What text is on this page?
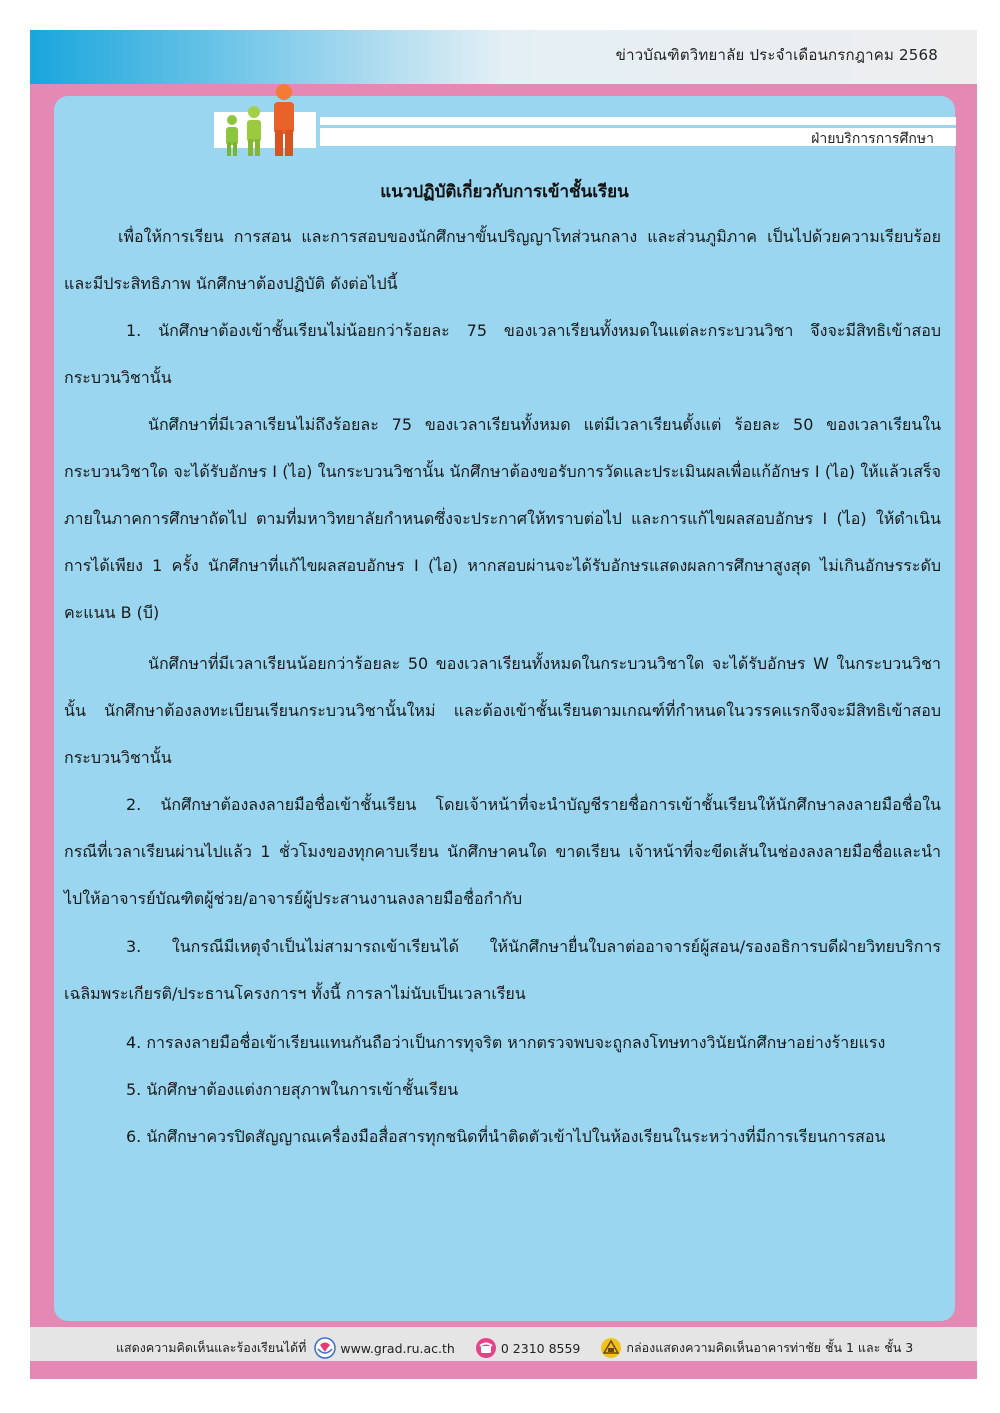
ข่าวบัณฑิตวิทยาลัย ประจำเดือนกรกฎาคม 2568
ฝ่ายบริการการศึกษา
แนวปฏิบัติเกี่ยวกับการเข้าชั้นเรียน

เพื่อให้การเรียน การสอน และการสอบของนักศึกษาขั้นปริญญาโทส่วนกลาง และส่วนภูมิภาค เป็นไปด้วยความเรียบร้อยและมีประสิทธิภาพ นักศึกษาต้องปฏิบัติ ดังต่อไปนี้

1. นักศึกษาต้องเข้าชั้นเรียนไม่น้อยกว่าร้อยละ 75 ของเวลาเรียนทั้งหมดในแต่ละกระบวนวิชา จึงจะมีสิทธิเข้าสอบกระบวนวิชานั้น

นักศึกษาที่มีเวลาเรียนไม่ถึงร้อยละ 75 ของเวลาเรียนทั้งหมด แต่มีเวลาเรียนตั้งแต่ ร้อยละ 50 ของเวลาเรียนในกระบวนวิชาใด จะได้รับอักษร I (ไอ) ในกระบวนวิชานั้น นักศึกษาต้องขอรับการวัดและประเมินผลเพื่อแก้อักษร I (ไอ) ให้แล้วเสร็จภายในภาคการศึกษาถัดไป ตามที่มหาวิทยาลัยกำหนดซึ่งจะประกาศให้ทราบต่อไป และการแก้ไขผลสอบอักษร I (ไอ) ให้ดำเนินการได้เพียง 1 ครั้ง นักศึกษาที่แก้ไขผลสอบอักษร I (ไอ) หากสอบผ่านจะได้รับอักษรแสดงผลการศึกษาสูงสุด ไม่เกินอักษรระดับคะแนน B (บี)

นักศึกษาที่มีเวลาเรียนน้อยกว่าร้อยละ 50 ของเวลาเรียนทั้งหมดในกระบวนวิชาใด จะได้รับอักษร W ในกระบวนวิชานั้น นักศึกษาต้องลงทะเบียนเรียนกระบวนวิชานั้นใหม่ และต้องเข้าชั้นเรียนตามเกณฑ์ที่กำหนดในวรรคแรกจึงจะมีสิทธิเข้าสอบกระบวนวิชานั้น

2. นักศึกษาต้องลงลายมือชื่อเข้าชั้นเรียน โดยเจ้าหน้าที่จะนำบัญชีรายชื่อการเข้าชั้นเรียนให้นักศึกษาลงลายมือชื่อในกรณีที่เวลาเรียนผ่านไปแล้ว 1 ชั่วโมงของทุกคาบเรียน นักศึกษาคนใด ขาดเรียน เจ้าหน้าที่จะขีดเส้นในช่องลงลายมือชื่อและนำไปให้อาจารย์บัณฑิตผู้ช่วย/อาจารย์ผู้ประสานงานลงลายมือชื่อกำกับ

3. ในกรณีมีเหตุจำเป็นไม่สามารถเข้าเรียนได้ ให้นักศึกษายื่นใบลาต่ออาจารย์ผู้สอน/รองอธิการบดีฝ่ายวิทยบริการเฉลิมพระเกียรติ/ประธานโครงการฯ ทั้งนี้ การลาไม่นับเป็นเวลาเรียน

4. การลงลายมือชื่อเข้าเรียนแทนกันถือว่าเป็นการทุจริต หากตรวจพบจะถูกลงโทษทางวินัยนักศึกษาอย่างร้ายแรง

5. นักศึกษาต้องแต่งกายสุภาพในการเข้าชั้นเรียน

6. นักศึกษาควรปิดสัญญาณเครื่องมือสื่อสารทุกชนิดที่นำติดตัวเข้าไปในห้องเรียนในระหว่างที่มีการเรียนการสอน

แสดงความคิดเห็นและร้องเรียนได้ที่	www.grad.ru.ac.th	0 2310 8559	กล่องแสดงความคิดเห็นอาคารท่าชัย ชั้น 1 และ ชั้น 3
